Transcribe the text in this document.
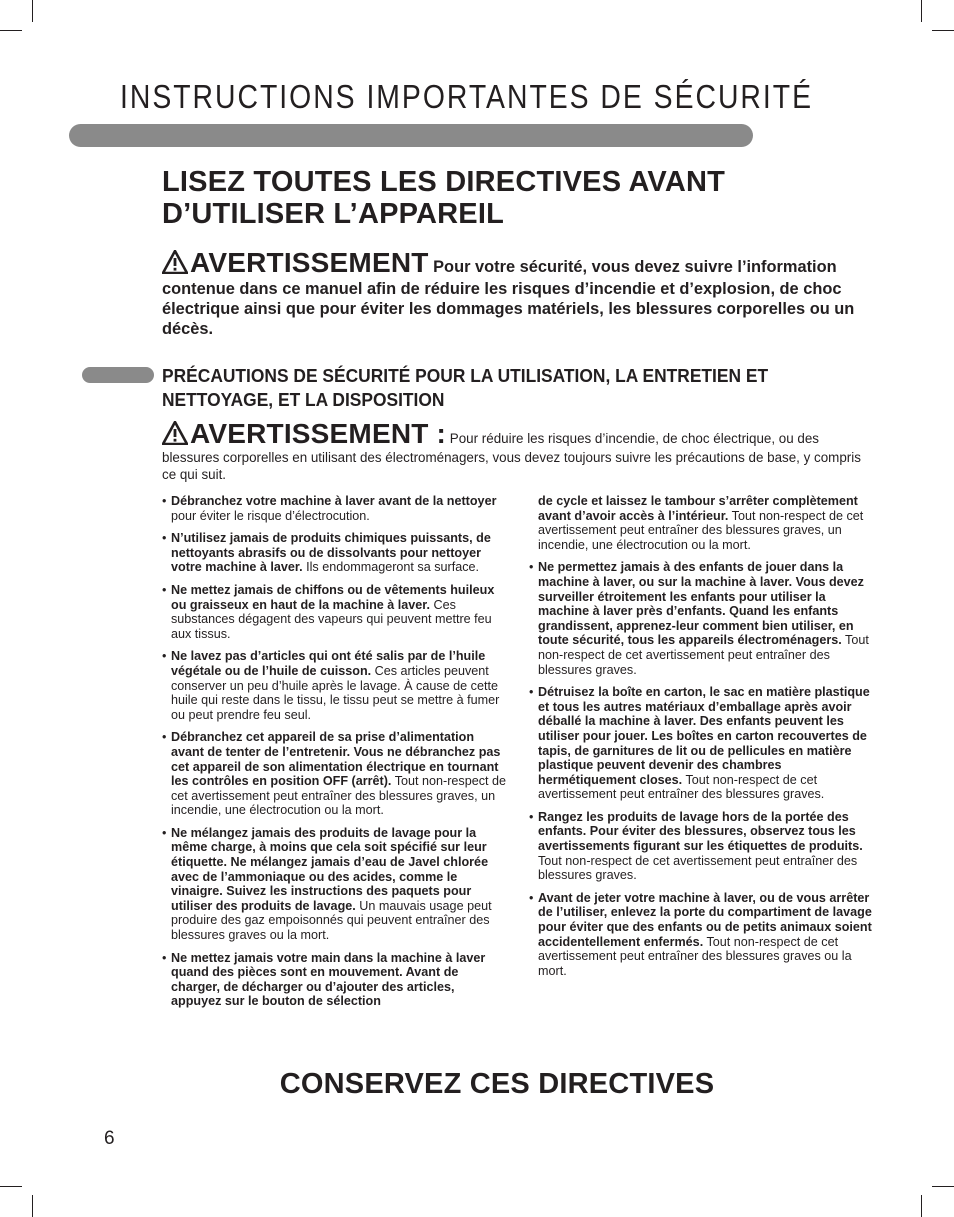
INSTRUCTIONS IMPORTANTES DE SÉCURITÉ
LISEZ TOUTES LES DIRECTIVES AVANT
D’UTILISER L’APPAREIL
AVERTISSEMENT Pour votre sécurité, vous devez suivre l’information contenue dans ce manuel afin de réduire les risques d’incendie et d’explosion, de choc électrique ainsi que pour éviter les dommages matériels, les blessures corporelles ou un décès.
PRÉCAUTIONS DE SÉCURITÉ POUR LA UTILISATION, LA ENTRETIEN ET
NETTOYAGE, ET LA DISPOSITION
AVERTISSEMENT : Pour réduire les risques d’incendie, de choc électrique, ou des blessures corporelles en utilisant des électroménagers, vous devez toujours suivre les précautions de base, y compris ce qui suit.
• Débranchez votre machine à laver avant de la nettoyer pour éviter le risque d’électrocution.
• N’utilisez jamais de produits chimiques puissants, de nettoyants abrasifs ou de dissolvants pour nettoyer votre machine à laver. Ils endommageront sa surface.
• Ne mettez jamais de chiffons ou de vêtements huileux ou graisseux en haut de la machine à laver. Ces substances dégagent des vapeurs qui peuvent mettre feu aux tissus.
• Ne lavez pas d’articles qui ont été salis par de l’huile végétale ou de l’huile de cuisson. Ces articles peuvent conserver un peu d’huile après le lavage. À cause de cette huile qui reste dans le tissu, le tissu peut se mettre à fumer ou peut prendre feu seul.
• Débranchez cet appareil de sa prise d’alimentation avant de tenter de l’entretenir. Vous ne débranchez pas cet appareil de son alimentation électrique en tournant les contrôles en position OFF (arrêt). Tout non-respect de cet avertissement peut entraîner des blessures graves, un incendie, une électrocution ou la mort.
• Ne mélangez jamais des produits de lavage pour la même charge, à moins que cela soit spécifié sur leur étiquette. Ne mélangez jamais d’eau de Javel chlorée avec de l’ammoniaque ou des acides, comme le vinaigre. Suivez les instructions des paquets pour utiliser des produits de lavage. Un mauvais usage peut produire des gaz empoisonnés qui peuvent entraîner des blessures graves ou la mort.
• Ne mettez jamais votre main dans la machine à laver quand des pièces sont en mouvement. Avant de charger, de décharger ou d’ajouter des articles, appuyez sur le bouton de sélection
de cycle et laissez le tambour s’arrêter complètement avant d’avoir accès à l’intérieur. Tout non-respect de cet avertissement peut entraîner des blessures graves, un incendie, une électrocution ou la mort.
• Ne permettez jamais à des enfants de jouer dans la machine à laver, ou sur la machine à laver. Vous devez surveiller étroitement les enfants pour utiliser la machine à laver près d’enfants. Quand les enfants grandissent, apprenez-leur comment bien utiliser, en toute sécurité, tous les appareils électroménagers. Tout non-respect de cet avertissement peut entraîner des blessures graves.
• Détruisez la boîte en carton, le sac en matière plastique et tous les autres matériaux d’emballage après avoir déballé la machine à laver. Des enfants peuvent les utiliser pour jouer. Les boîtes en carton recouvertes de tapis, de garnitures de lit ou de pellicules en matière plastique peuvent devenir des chambres hermétiquement closes. Tout non-respect de cet avertissement peut entraîner des blessures graves.
• Rangez les produits de lavage hors de la portée des enfants. Pour éviter des blessures, observez tous les avertissements figurant sur les étiquettes de produits. Tout non-respect de cet avertissement peut entraîner des blessures graves.
• Avant de jeter votre machine à laver, ou de vous arrêter de l’utiliser, enlevez la porte du compartiment de lavage pour éviter que des enfants ou de petits animaux soient accidentellement enfermés. Tout non-respect de cet avertissement peut entraîner des blessures graves ou la mort.
CONSERVEZ CES DIRECTIVES
6
